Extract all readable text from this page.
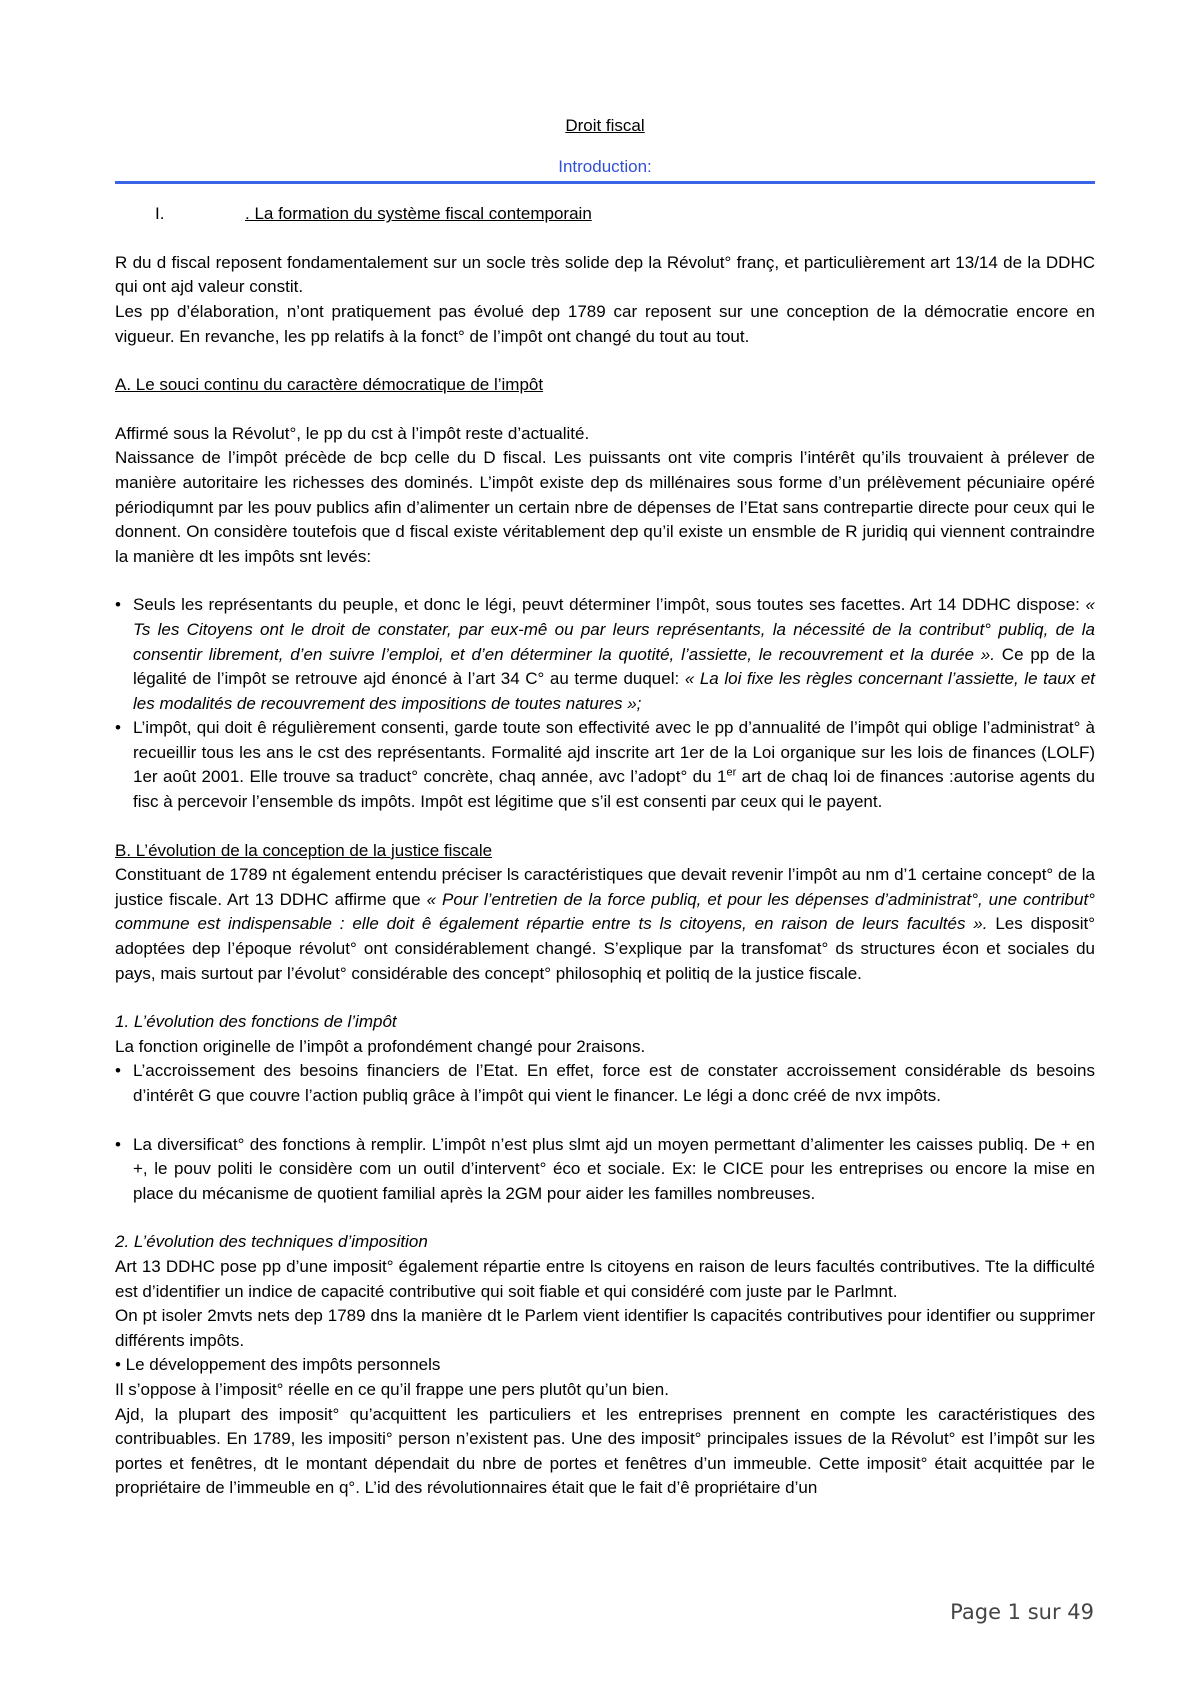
Droit fiscal
Introduction:
I.	. La formation du système fiscal contemporain

R du d fiscal reposent fondamentalement sur un socle très solide dep la Révolut° franç, et particulièrement art 13/14 de la DDHC qui ont ajd valeur constit.

Les pp d’élaboration, n’ont pratiquement pas évolué dep 1789 car reposent sur une conception de la démocratie encore en vigueur. En revanche, les pp relatifs à la fonct° de l’impôt ont changé du tout au tout.

A. Le souci continu du caractère démocratique de l’impôt

Affirmé sous la Révolut°, le pp du cst à l’impôt reste d’actualité.

Naissance de l’impôt précède de bcp celle du D fiscal. Les puissants ont vite compris l’intérêt qu’ils trouvaient à prélever de manière autoritaire les richesses des dominés. L’impôt existe dep ds millénaires sous forme d’un prélèvement pécuniaire opéré périodiqumnt par les pouv publics afin d’alimenter un certain nbre de dépenses de l’Etat sans contrepartie directe pour ceux qui le donnent. On considère toutefois que d fiscal existe véritablement dep qu’il existe un ensmble de R juridiq qui viennent contraindre la manière dt les impôts snt levés:

• Seuls les représentants du peuple, et donc le légi, peuvt déterminer l’impôt, sous toutes ses facettes. Art 14 DDHC dispose: « Ts les Citoyens ont le droit de constater, par eux-mê ou par leurs représentants, la nécessité de la contribut° publiq, de la consentir librement, d’en suivre l’emploi, et d’en déterminer la quotité, l’assiette, le recouvrement et la durée ». Ce pp de la légalité de l’impôt se retrouve ajd énoncé à l’art 34 C° au terme duquel: « La loi fixe les règles concernant l’assiette, le taux et les modalités de recouvrement des impositions de toutes natures »;
• L’impôt, qui doit ê régulièrement consenti, garde toute son effectivité avec le pp d’annualité de l’impôt qui oblige l’administrat° à recueillir tous les ans le cst des représentants. Formalité ajd inscrite art 1er de la Loi organique sur les lois de finances (LOLF) 1er août 2001. Elle trouve sa traduct° concrète, chaq année, avc l’adopt° du 1er art de chaq loi de finances :autorise agents du fisc à percevoir l’ensemble ds impôts. Impôt est légitime que s’il est consenti par ceux qui le payent.

B. L’évolution de la conception de la justice fiscale

Constituant de 1789 nt également entendu préciser ls caractéristiques que devait revenir l’impôt au nm d’1 certaine concept° de la justice fiscale. Art 13 DDHC affirme que « Pour l’entretien de la force publiq, et pour les dépenses d’administrat°, une contribut° commune est indispensable : elle doit ê également répartie entre ts ls citoyens, en raison de leurs facultés ». Les disposit° adoptées dep l’époque révolut° ont considérablement changé. S’explique par la transfomat° ds structures écon et sociales du pays, mais surtout par l’évolut° considérable des concept° philosophiq et politiq de la justice fiscale.

1. L’évolution des fonctions de l’impôt

La fonction originelle de l’impôt a profondément changé pour 2raisons.

• L’accroissement des besoins financiers de l’Etat. En effet, force est de constater accroissement considérable ds besoins d’intérêt G que couvre l’action publiq grâce à l’impôt qui vient le financer. Le légi a donc créé de nvx impôts.
• La diversificat° des fonctions à remplir. L’impôt n’est plus slmt ajd un moyen permettant d’alimenter les caisses publiq. De + en +, le pouv politi le considère com un outil d’intervent° éco et sociale. Ex: le CICE pour les entreprises ou encore la mise en place du mécanisme de quotient familial après la 2GM pour aider les familles nombreuses.

2. L’évolution des techniques d’imposition

Art 13 DDHC pose pp d’une imposit° également répartie entre ls citoyens en raison de leurs facultés contributives. Tte la difficulté est d’identifier un indice de capacité contributive qui soit fiable et qui considéré com juste par le Parlmnt.

On pt isoler 2mvts nets dep 1789 dns la manière dt le Parlem vient identifier ls capacités contributives pour identifier ou supprimer différents impôts.

• Le développement des impôts personnels

Il s’oppose à l’imposit° réelle en ce qu’il frappe une pers plutôt qu’un bien.

Ajd, la plupart des imposit° qu’acquittent les particuliers et les entreprises prennent en compte les caractéristiques des contribuables. En 1789, les impositi° person n’existent pas. Une des imposit° principales issues de la Révolut° est l’impôt sur les portes et fenêtres, dt le montant dépendait du nbre de portes et fenêtres d’un immeuble. Cette imposit° était acquittée par le propriétaire de l’immeuble en q°. L’id des révolutionnaires était que le fait d’ê propriétaire d’un

Page 1 sur 49
